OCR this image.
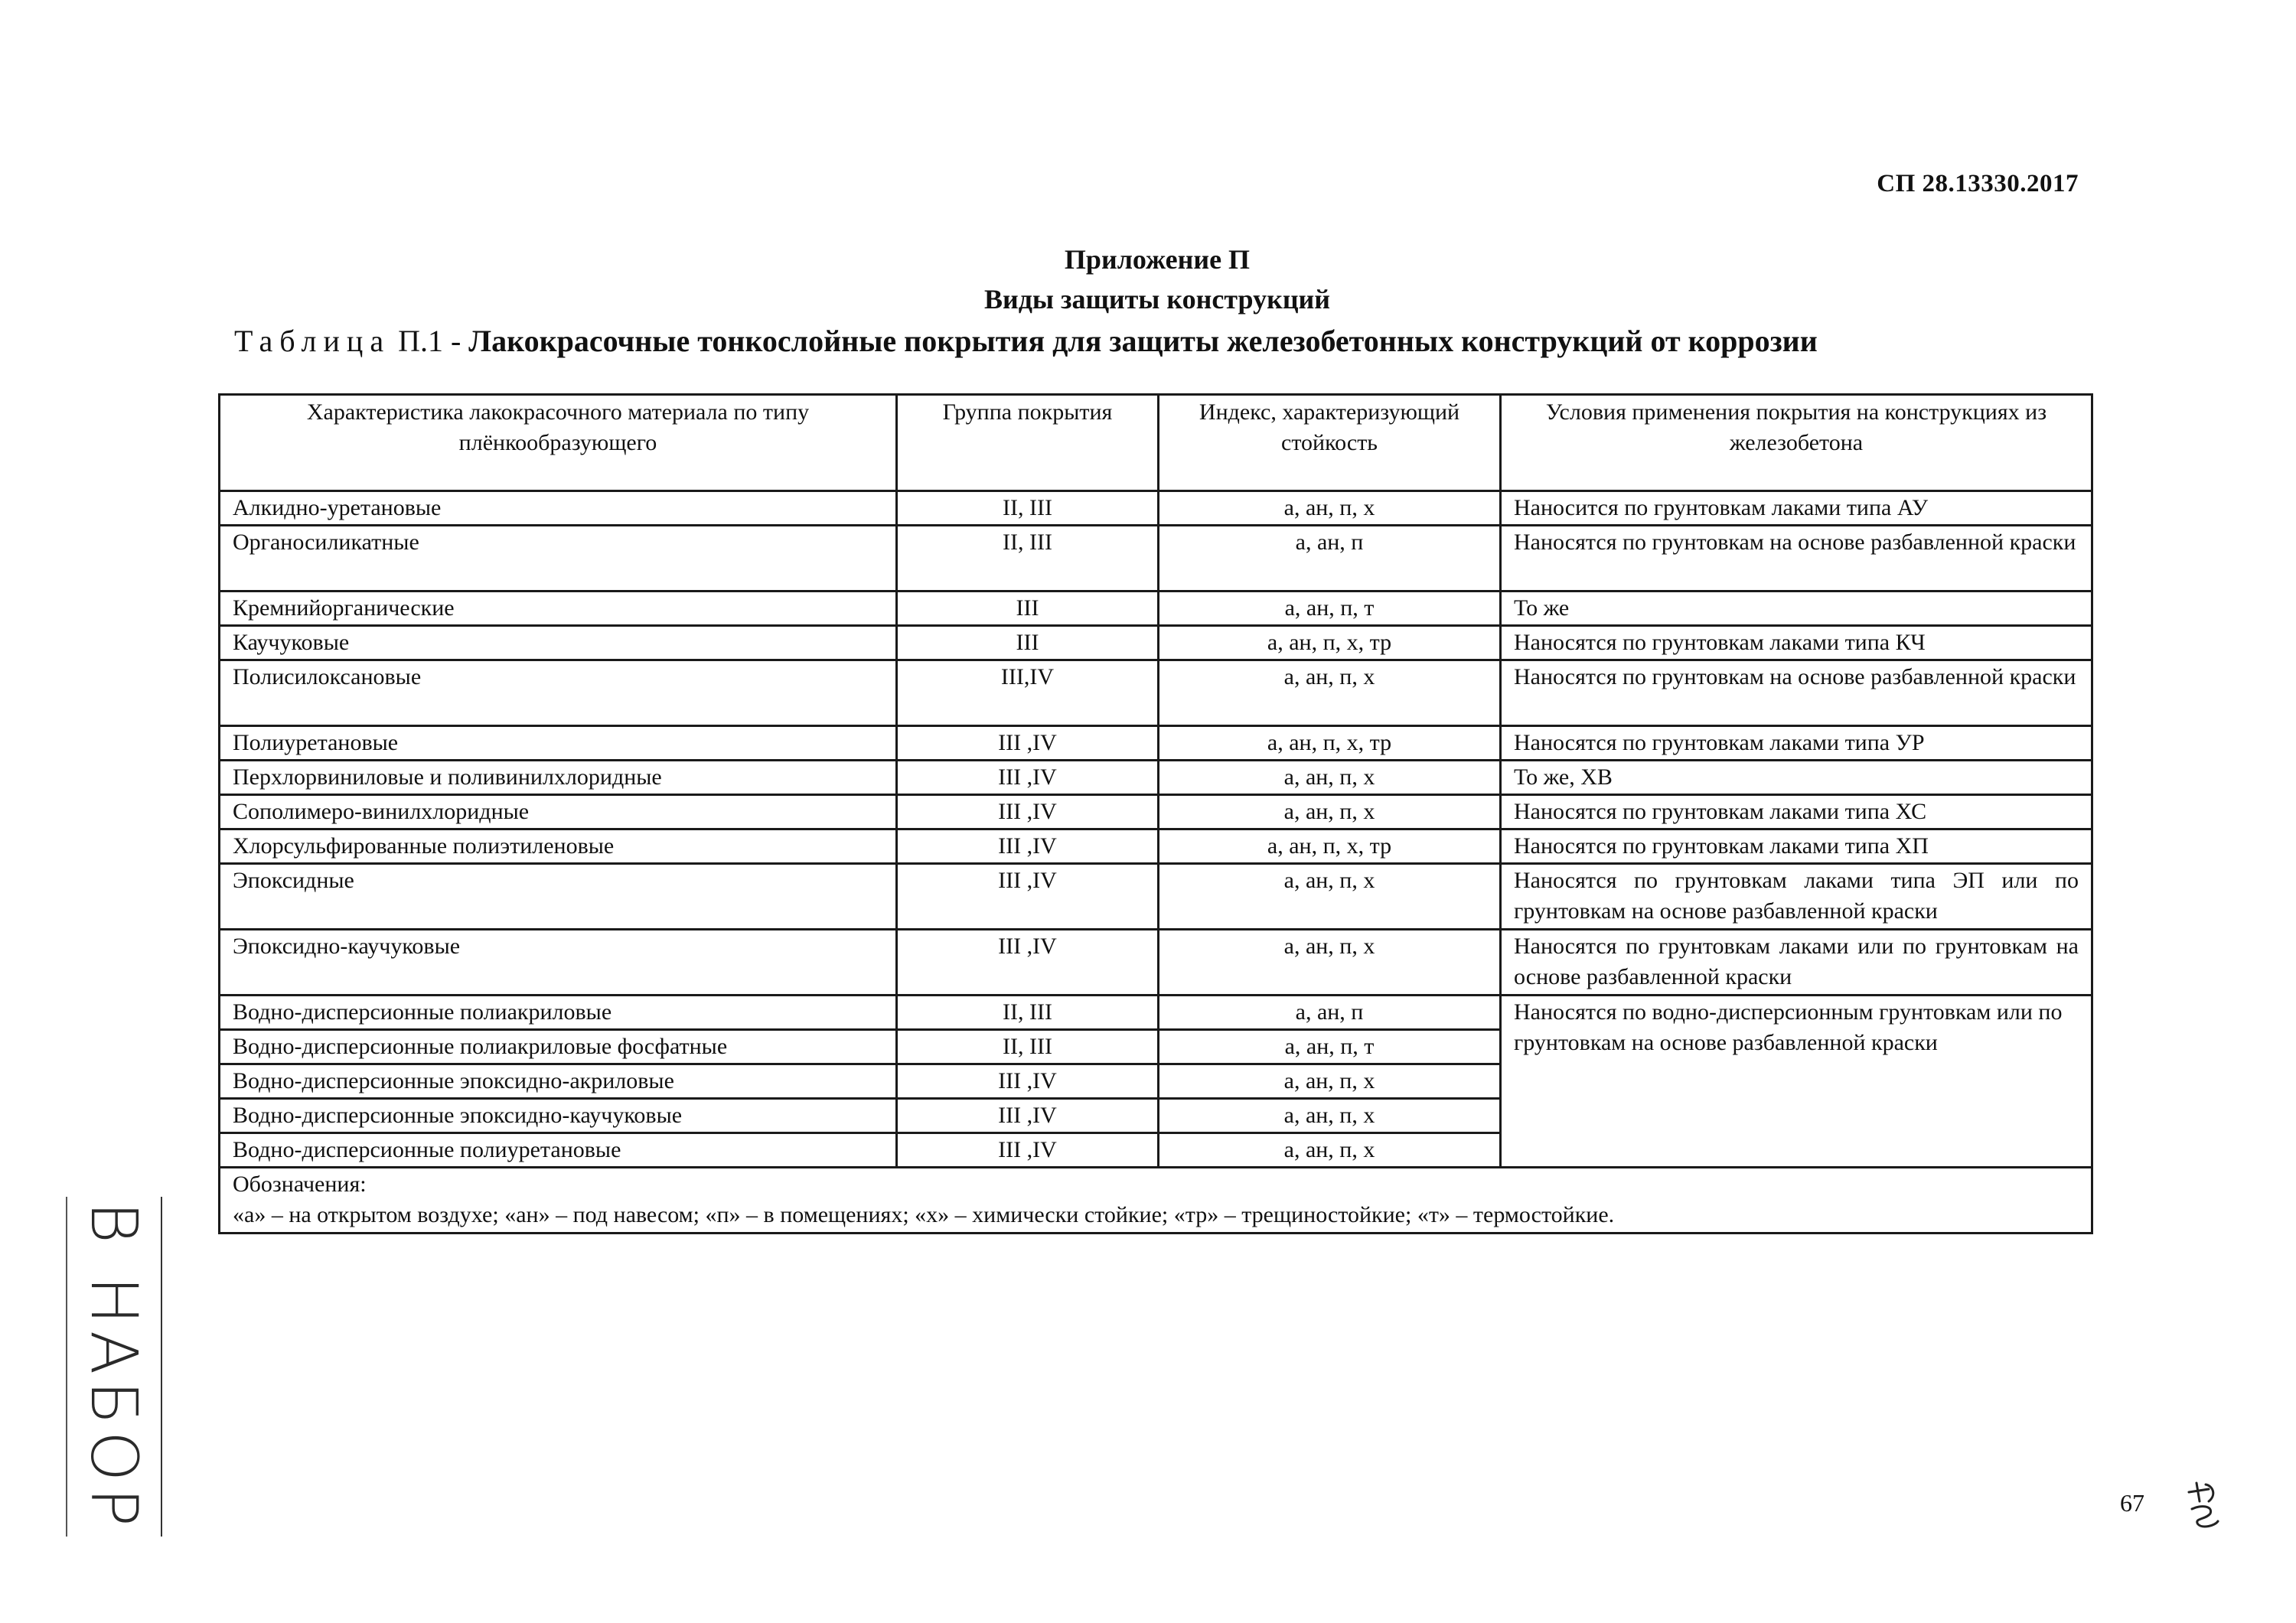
СП 28.13330.2017
Приложение П
Виды защиты конструкций
Таблица П.1 - Лакокрасочные тонкослойные покрытия для защиты железобетонных конструкций от коррозии
Характеристика лакокрасочного материала по типу плёнкообразующего	Группа покрытия	Индекс, характеризующий стойкость	Условия применения покрытия на конструкциях из железобетона
Алкидно-уретановые	II, III	а, ан, п, х	Наносится по грунтовкам лаками типа АУ
Органосиликатные	II, III	а, ан, п	Наносятся по грунтовкам на основе разбавленной краски
Кремнийорганические	III	а, ан, п, т	То же
Каучуковые	III	а, ан, п, х, тр	Наносятся по грунтовкам лаками типа КЧ
Полисилоксановые	III,IV	а, ан, п, х	Наносятся по грунтовкам на основе разбавленной краски
Полиуретановые	III ,IV	а, ан, п, х, тр	Наносятся по грунтовкам лаками типа УР
Перхлорвиниловые и поливинилхлоридные	III ,IV	а, ан, п, х	То же, ХВ
Сополимеро-винилхлоридные	III ,IV	а, ан, п, х	Наносятся по грунтовкам лаками типа ХС
Хлорсульфированные полиэтиленовые	III ,IV	а, ан, п, х, тр	Наносятся по грунтовкам лаками типа ХП
Эпоксидные	III ,IV	а, ан, п, х	Наносятся по грунтовкам лаками типа ЭП или по грунтовкам на основе разбавленной краски
Эпоксидно-каучуковые	III ,IV	а, ан, п, х	Наносятся по грунтовкам лаками или по грунтовкам на основе разбавленной краски
Водно-дисперсионные полиакриловые	II, III	а, ан, п	Наносятся по водно-дисперсионным грунтовкам или по грунтовкам на основе разбавленной краски
Водно-дисперсионные полиакриловые фосфатные	II, III	а, ан, п, т	
Водно-дисперсионные эпоксидно-акриловые	III ,IV	а, ан, п, х	
Водно-дисперсионные эпоксидно-каучуковые	III ,IV	а, ан, п, х	
Водно-дисперсионные полиуретановые	III ,IV	а, ан, п, х	

Обозначения:
«а» – на открытом воздухе; «ан» – под навесом; «п» – в помещениях; «х» – химически стойкие; «тр» – трещиностойкие; «т» – термостойкие.			
В НАБОР	67
